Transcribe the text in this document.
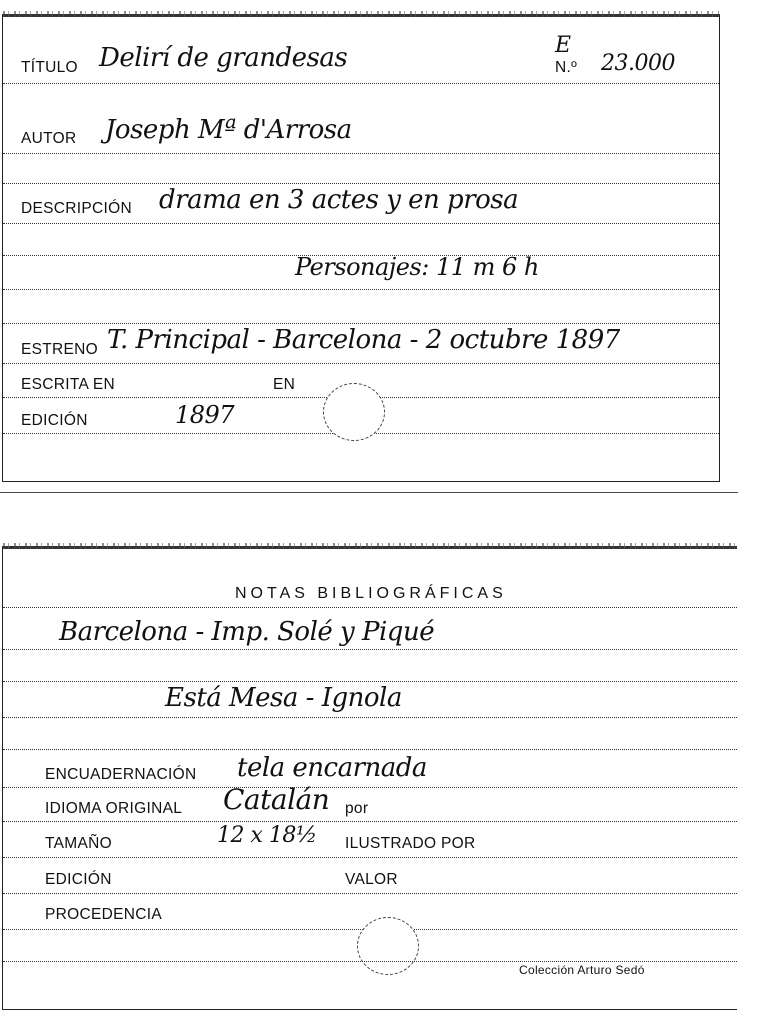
TÍTULO Delirí de grandesas	E
N.º 23.000
AUTOR Joseph Mª d'Arrosa
DESCRIPCIÓN drama en 3 actes y en prosa
Personajes: 11 m 6 h
ESTRENO T. Principal - Barcelona - 2 octubre 1897
ESCRITA EN	EN
EDICIÓN	1897
NOTAS BIBLIOGRÁFICAS
Barcelona - Imp. Solé y Piqué
Está Mesa - Ignola
ENCUADERNACIÓN tela encarnada
IDIOMA ORIGINAL Catalán por
TAMAÑO	12 x 18½ ILUSTRADO POR
EDICIÓN	VALOR
PROCEDENCIA
Colección Arturo Sedó
